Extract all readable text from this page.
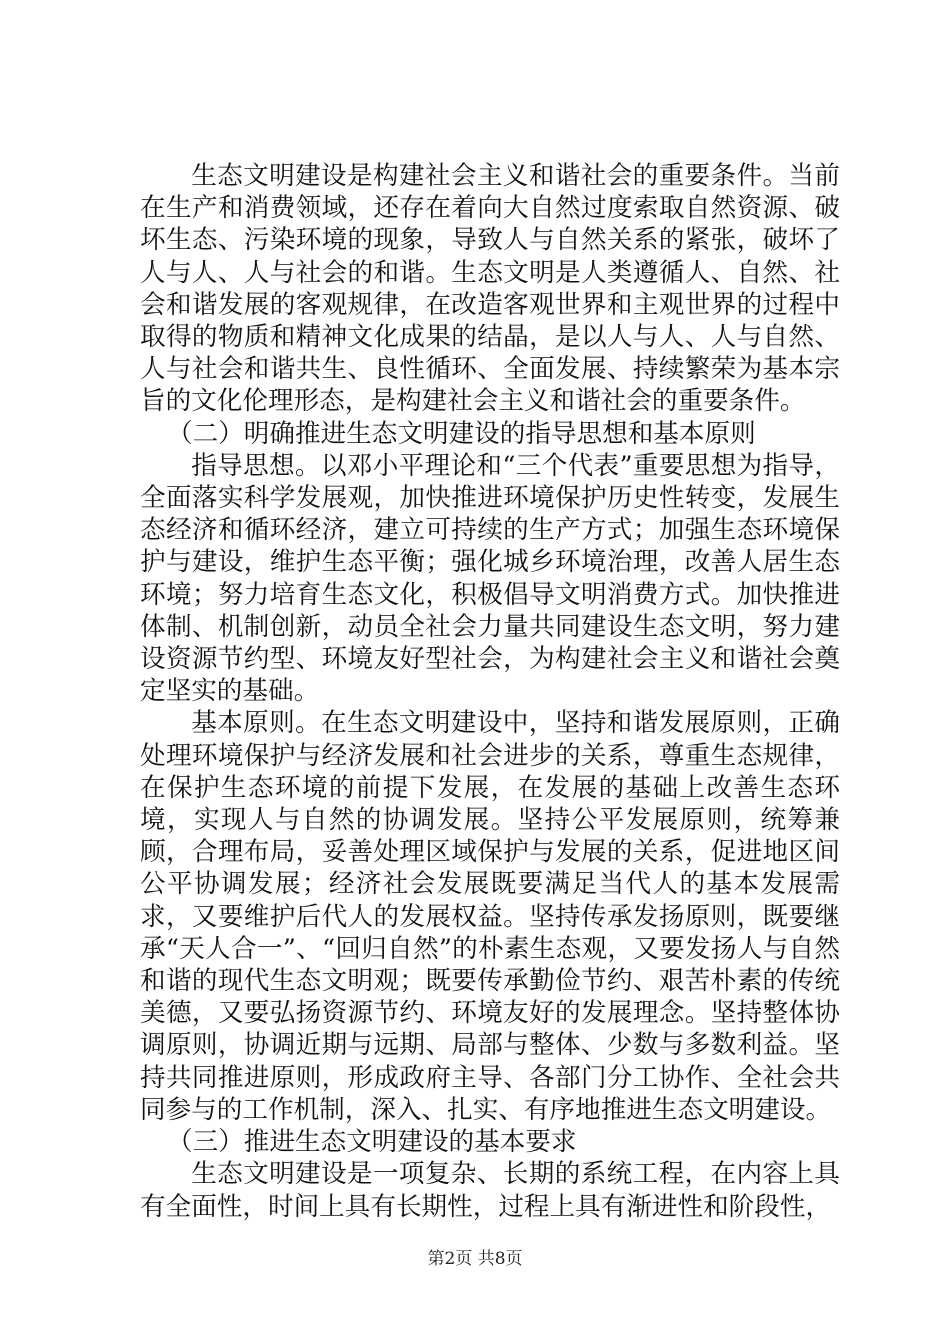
生态文明建设是构建社会主义和谐社会的重要条件。当前在生产和消费领域，还存在着向大自然过度索取自然资源、破坏生态、污染环境的现象，导致人与自然关系的紧张，破坏了人与人、人与社会的和谐。生态文明是人类遵循人、自然、社会和谐发展的客观规律，在改造客观世界和主观世界的过程中取得的物质和精神文化成果的结晶，是以人与人、人与自然、人与社会和谐共生、良性循环、全面发展、持续繁荣为基本宗旨的文化伦理形态，是构建社会主义和谐社会的重要条件。

（二）明确推进生态文明建设的指导思想和基本原则

指导思想。以邓小平理论和“三个代表”重要思想为指导，全面落实科学发展观，加快推进环境保护历史性转变，发展生态经济和循环经济，建立可持续的生产方式；加强生态环境保护与建设，维护生态平衡；强化城乡环境治理，改善人居生态环境；努力培育生态文化，积极倡导文明消费方式。加快推进体制、机制创新，动员全社会力量共同建设生态文明，努力建设资源节约型、环境友好型社会，为构建社会主义和谐社会奠定坚实的基础。

基本原则。在生态文明建设中，坚持和谐发展原则，正确处理环境保护与经济发展和社会进步的关系，尊重生态规律，在保护生态环境的前提下发展，在发展的基础上改善生态环境，实现人与自然的协调发展。坚持公平发展原则，统筹兼顾，合理布局，妥善处理区域保护与发展的关系，促进地区间公平协调发展；经济社会发展既要满足当代人的基本发展需求，又要维护后代人的发展权益。坚持传承发扬原则，既要继承“天人合一”、“回归自然”的朴素生态观，又要发扬人与自然和谐的现代生态文明观；既要传承勤俭节约、艰苦朴素的传统美德，又要弘扬资源节约、环境友好的发展理念。坚持整体协调原则，协调近期与远期、局部与整体、少数与多数利益。坚持共同推进原则，形成政府主导、各部门分工协作、全社会共同参与的工作机制，深入、扎实、有序地推进生态文明建设。

（三）推进生态文明建设的基本要求

生态文明建设是一项复杂、长期的系统工程，在内容上具有全面性，时间上具有长期性，过程上具有渐进性和阶段性，

第2页 共8页
